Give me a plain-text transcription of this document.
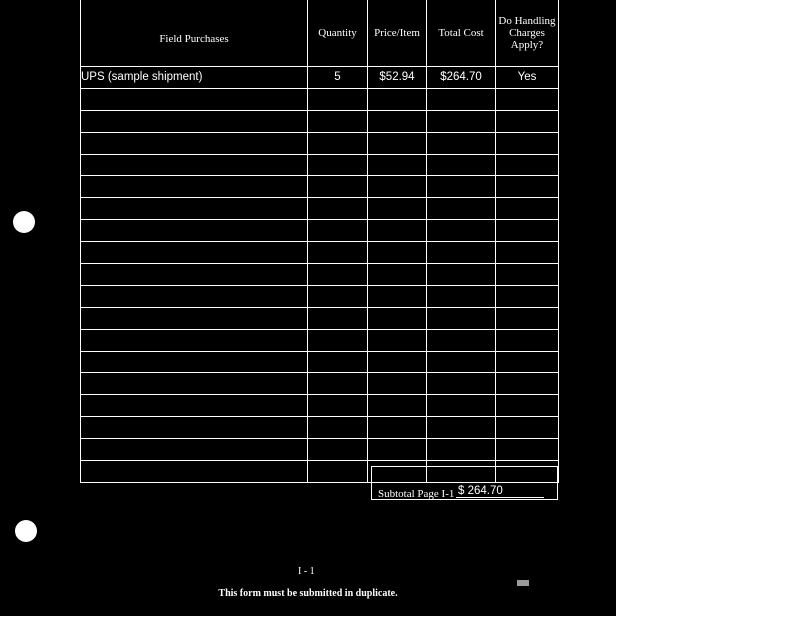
Field Purchases	Quantity	Price/Item	Total Cost	Do Handling Charges Apply?
UPS (sample shipment)	5	$52.94	$264.70	Yes

Subtotal Page I-1 $ 264.70
I - 1
This form must be submitted in duplicate.
